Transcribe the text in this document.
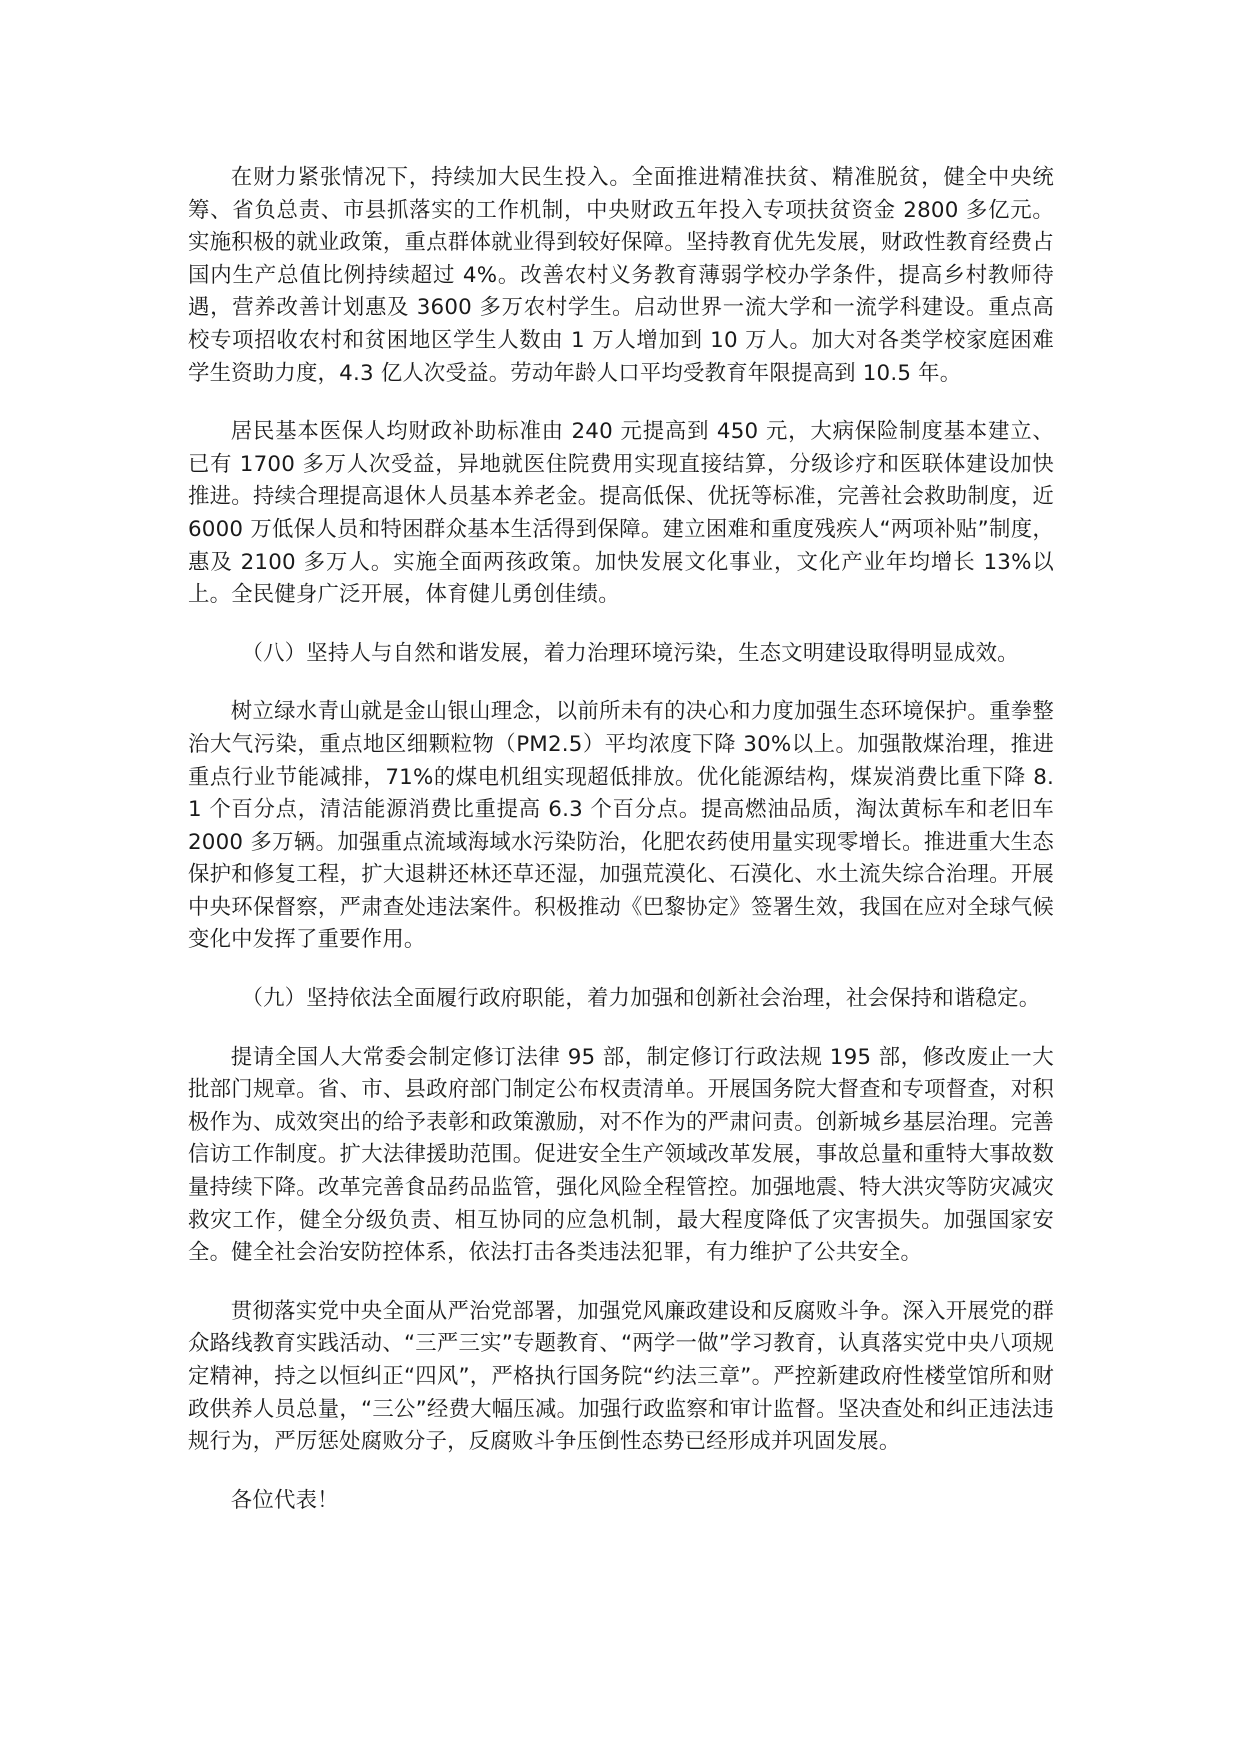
在财力紧张情况下，持续加大民生投入。全面推进精准扶贫、精准脱贫，健全中央统筹、省负总责、市县抓落实的工作机制，中央财政五年投入专项扶贫资金 2800 多亿元。实施积极的就业政策，重点群体就业得到较好保障。坚持教育优先发展，财政性教育经费占国内生产总值比例持续超过 4%。改善农村义务教育薄弱学校办学条件，提高乡村教师待遇，营养改善计划惠及 3600 多万农村学生。启动世界一流大学和一流学科建设。重点高校专项招收农村和贫困地区学生人数由 1 万人增加到 10 万人。加大对各类学校家庭困难学生资助力度，4.3 亿人次受益。劳动年龄人口平均受教育年限提高到 10.5 年。

居民基本医保人均财政补助标准由 240 元提高到 450 元，大病保险制度基本建立、已有 1700 多万人次受益，异地就医住院费用实现直接结算，分级诊疗和医联体建设加快推进。持续合理提高退休人员基本养老金。提高低保、优抚等标准，完善社会救助制度，近 6000 万低保人员和特困群众基本生活得到保障。建立困难和重度残疾人“两项补贴”制度，惠及 2100 多万人。实施全面两孩政策。加快发展文化事业，文化产业年均增长 13%以上。全民健身广泛开展，体育健儿勇创佳绩。

（八）坚持人与自然和谐发展，着力治理环境污染，生态文明建设取得明显成效。

树立绿水青山就是金山银山理念，以前所未有的决心和力度加强生态环境保护。重拳整治大气污染，重点地区细颗粒物（PM2.5）平均浓度下降 30%以上。加强散煤治理，推进重点行业节能减排，71%的煤电机组实现超低排放。优化能源结构，煤炭消费比重下降 8.1 个百分点，清洁能源消费比重提高 6.3 个百分点。提高燃油品质，淘汰黄标车和老旧车 2000 多万辆。加强重点流域海域水污染防治，化肥农药使用量实现零增长。推进重大生态保护和修复工程，扩大退耕还林还草还湿，加强荒漠化、石漠化、水土流失综合治理。开展中央环保督察，严肃查处违法案件。积极推动《巴黎协定》签署生效，我国在应对全球气候变化中发挥了重要作用。

（九）坚持依法全面履行政府职能，着力加强和创新社会治理，社会保持和谐稳定。

提请全国人大常委会制定修订法律 95 部，制定修订行政法规 195 部，修改废止一大批部门规章。省、市、县政府部门制定公布权责清单。开展国务院大督查和专项督查，对积极作为、成效突出的给予表彰和政策激励，对不作为的严肃问责。创新城乡基层治理。完善信访工作制度。扩大法律援助范围。促进安全生产领域改革发展，事故总量和重特大事故数量持续下降。改革完善食品药品监管，强化风险全程管控。加强地震、特大洪灾等防灾减灾救灾工作，健全分级负责、相互协同的应急机制，最大程度降低了灾害损失。加强国家安全。健全社会治安防控体系，依法打击各类违法犯罪，有力维护了公共安全。

贯彻落实党中央全面从严治党部署，加强党风廉政建设和反腐败斗争。深入开展党的群众路线教育实践活动、“三严三实”专题教育、“两学一做”学习教育，认真落实党中央八项规定精神，持之以恒纠正“四风”，严格执行国务院“约法三章”。严控新建政府性楼堂馆所和财政供养人员总量，“三公”经费大幅压减。加强行政监察和审计监督。坚决查处和纠正违法违规行为，严厉惩处腐败分子，反腐败斗争压倒性态势已经形成并巩固发展。

各位代表！
